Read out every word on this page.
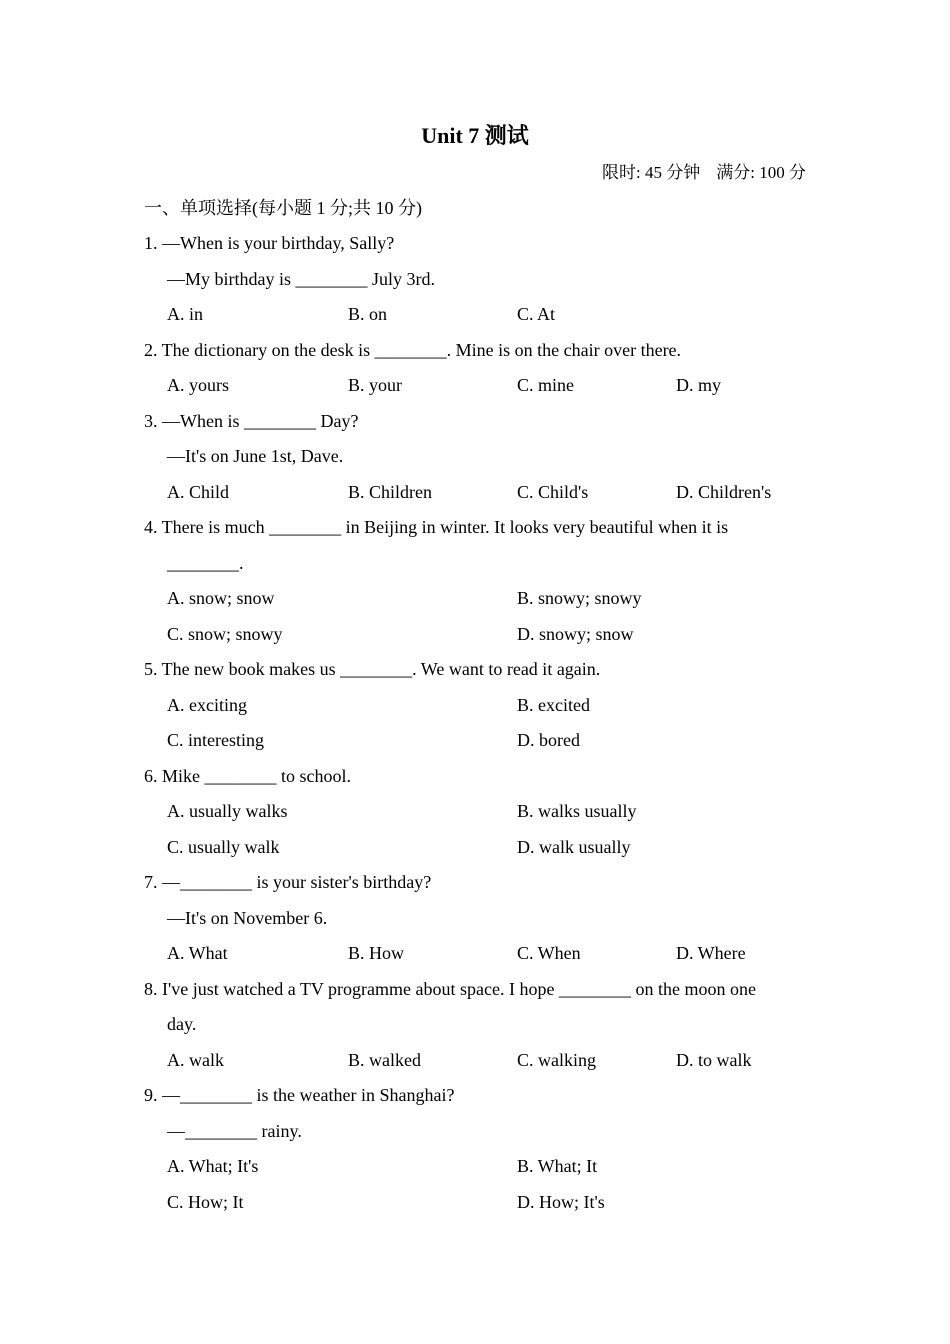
Unit 7 测试
限时: 45 分钟 满分: 100 分
一、单项选择(每小题 1 分;共 10 分)
1. —When is your birthday, Sally?
—My birthday is ________ July 3rd.
A. in	B. on	C. At
2. The dictionary on the desk is ________. Mine is on the chair over there.
A. yours	B. your	C. mine	D. my
3. —When is ________ Day?
—It's on June 1st, Dave.
A. Child	B. Children	C. Child's	D. Children's
4. There is much ________ in Beijing in winter. It looks very beautiful when it is
________.
A. snow; snow	B. snowy; snowy
C. snow; snowy	D. snowy; snow
5. The new book makes us ________. We want to read it again.
A. exciting	B. excited
C. interesting	D. bored
6. Mike ________ to school.
A. usually walks	B. walks usually
C. usually walk	D. walk usually
7. —________ is your sister's birthday?
—It's on November 6.
A. What	B. How	C. When	D. Where
8. I've just watched a TV programme about space. I hope ________ on the moon one
day.
A. walk	B. walked	C. walking	D. to walk
9. —________ is the weather in Shanghai?
—________ rainy.
A. What; It's	B. What; It
C. How; It	D. How; It's
